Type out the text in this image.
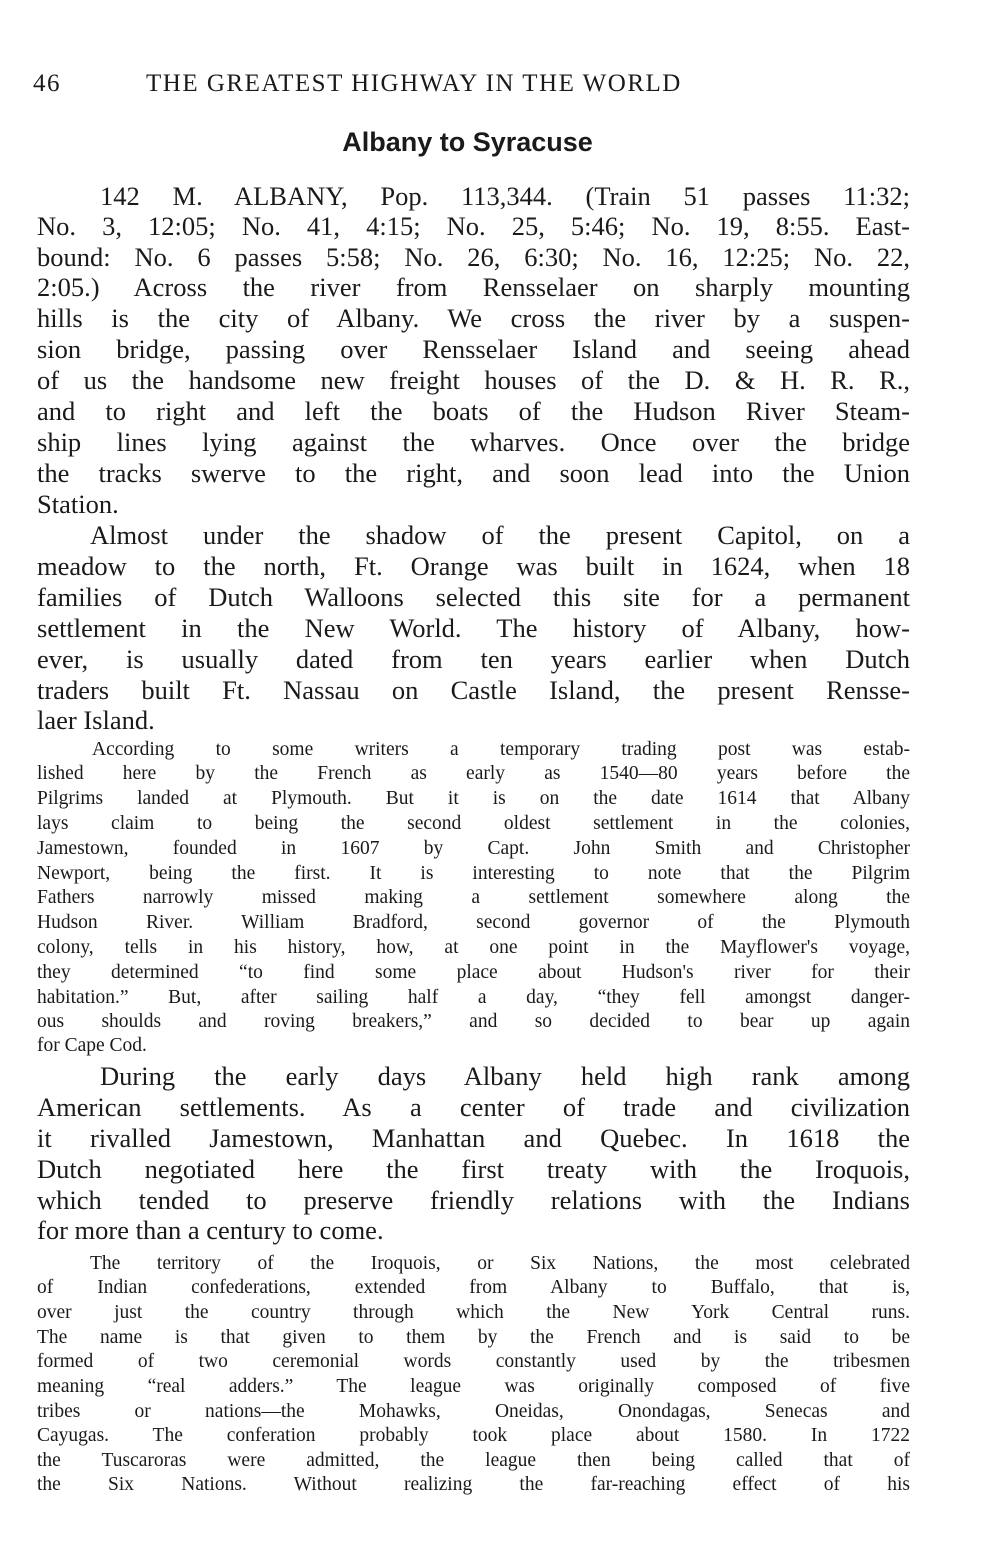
46	THE GREATEST HIGHWAY IN THE WORLD
Albany to Syracuse
142 M. ALBANY, Pop. 113,344. (Train 51 passes 11:32;
No. 3, 12:05; No. 41, 4:15; No. 25, 5:46; No. 19, 8:55. East-
bound: No. 6 passes 5:58; No. 26, 6:30; No. 16, 12:25; No. 22,
2:05.) Across the river from Rensselaer on sharply mounting
hills is the city of Albany. We cross the river by a suspen-
sion bridge, passing over Rensselaer Island and seeing ahead
of us the handsome new freight houses of the D. & H. R. R.,
and to right and left the boats of the Hudson River Steam-
ship lines lying against the wharves. Once over the bridge
the tracks swerve to the right, and soon lead into the Union
Station.
Almost under the shadow of the present Capitol, on a
meadow to the north, Ft. Orange was built in 1624, when 18
families of Dutch Walloons selected this site for a permanent
settlement in the New World. The history of Albany, how-
ever, is usually dated from ten years earlier when Dutch
traders built Ft. Nassau on Castle Island, the present Rensse-
laer Island.
According to some writers a temporary trading post was estab-
lished here by the French as early as 1540—80 years before the
Pilgrims landed at Plymouth. But it is on the date 1614 that Albany
lays claim to being the second oldest settlement in the colonies,
Jamestown, founded in 1607 by Capt. John Smith and Christopher
Newport, being the first. It is interesting to note that the Pilgrim
Fathers narrowly missed making a settlement somewhere along the
Hudson River. William Bradford, second governor of the Plymouth
colony, tells in his history, how, at one point in the Mayflower's voyage,
they determined “to find some place about Hudson's river for their
habitation.” But, after sailing half a day, “they fell amongst danger-
ous shoulds and roving breakers,” and so decided to bear up again
for Cape Cod.
During the early days Albany held high rank among
American settlements. As a center of trade and civilization
it rivalled Jamestown, Manhattan and Quebec. In 1618 the
Dutch negotiated here the first treaty with the Iroquois,
which tended to preserve friendly relations with the Indians
for more than a century to come.
The territory of the Iroquois, or Six Nations, the most celebrated
of Indian confederations, extended from Albany to Buffalo, that is,
over just the country through which the New York Central runs.
The name is that given to them by the French and is said to be
formed of two ceremonial words constantly used by the tribesmen
meaning “real adders.” The league was originally composed of five
tribes or nations—the Mohawks, Oneidas, Onondagas, Senecas and
Cayugas. The conferation probably took place about 1580. In 1722
the Tuscaroras were admitted, the league then being called that of
the Six Nations. Without realizing the far-reaching effect of his
